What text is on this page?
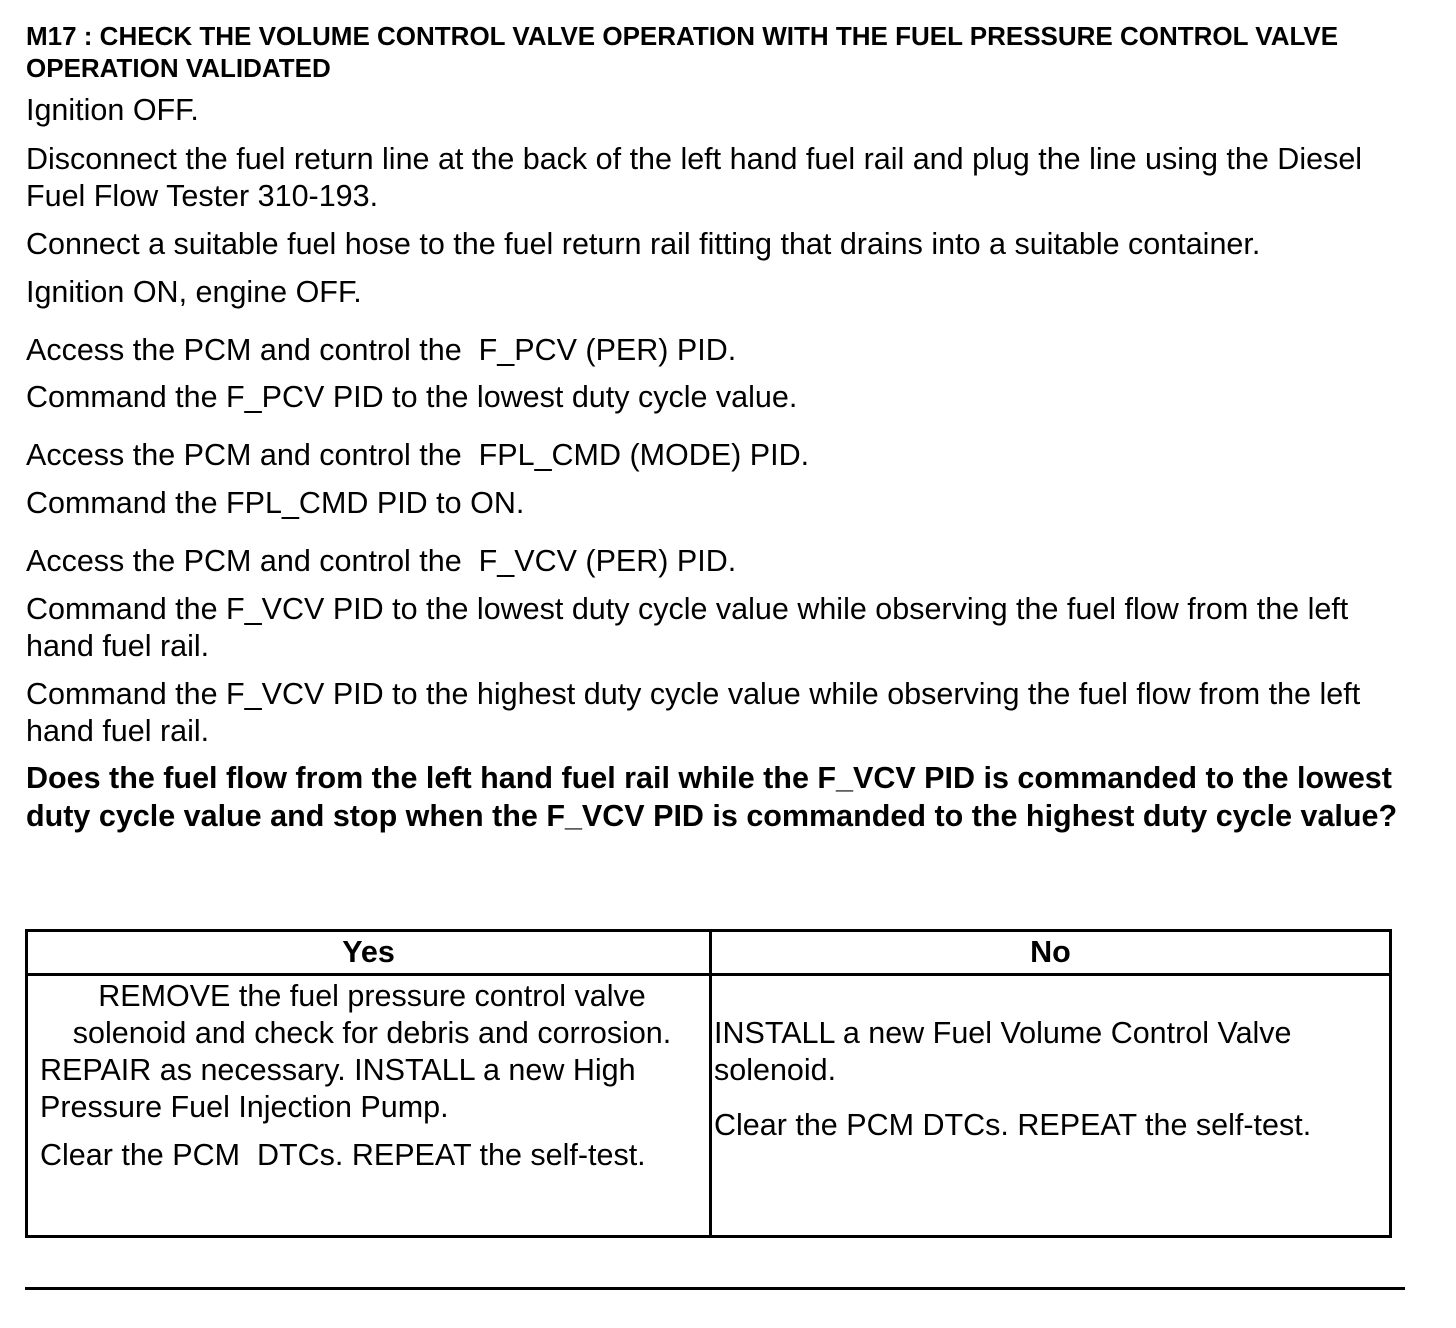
M17 : CHECK THE VOLUME CONTROL VALVE OPERATION WITH THE FUEL PRESSURE CONTROL VALVE OPERATION VALIDATED
Ignition OFF.
Disconnect the fuel return line at the back of the left hand fuel rail and plug the line using the Diesel Fuel Flow Tester 310-193.
Connect a suitable fuel hose to the fuel return rail fitting that drains into a suitable container.
Ignition ON, engine OFF.
Access the PCM and control the  F_PCV (PER) PID.
Command the F_PCV PID to the lowest duty cycle value.
Access the PCM and control the  FPL_CMD (MODE) PID.
Command the FPL_CMD PID to ON.
Access the PCM and control the  F_VCV (PER) PID.
Command the F_VCV PID to the lowest duty cycle value while observing the fuel flow from the left hand fuel rail.
Command the F_VCV PID to the highest duty cycle value while observing the fuel flow from the left hand fuel rail.
Does the fuel flow from the left hand fuel rail while the F_VCV PID is commanded to the lowest duty cycle value and stop when the F_VCV PID is commanded to the highest duty cycle value?
Yes	No
REMOVE the fuel pressure control valve
solenoid and check for debris and corrosion.
REPAIR as necessary. INSTALL a new High
Pressure Fuel Injection Pump.
Clear the PCM  DTCs. REPEAT the self-test.
INSTALL a new Fuel Volume Control Valve solenoid.
Clear the PCM DTCs. REPEAT the self-test.
